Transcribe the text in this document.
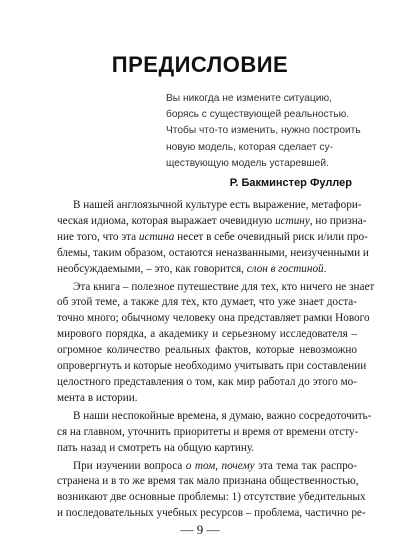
ПРЕДИСЛОВИЕ
Вы никогда не измените ситуацию,
борясь с существующей реальностью.
Чтобы что-то изменить, нужно построить
новую модель, которая сделает су-
ществующую модель устаревшей.
Р. Бакминстер Фуллер

В нашей англоязычной культуре есть выражение, метафори-
ческая идиома, которая выражает очевидную истину, но призна-
ние того, что эта истина несет в себе очевидный риск и/или про-
блемы, таким образом, остаются неназванными, неизученными и
необсуждаемыми, – это, как говорится, слон в гостиной.

Эта книга – полезное путешествие для тех, кто ничего не знает
об этой теме, а также для тех, кто думает, что уже знает доста-
точно много; обычному человеку она представляет рамки Нового
мирового порядка, а академику и серьезному исследователя –
огромное количество реальных фактов, которые невозможно
опровергнуть и которые необходимо учитывать при составлении
целостного представления о том, как мир работал до этого мо-
мента в истории.

В наши неспокойные времена, я думаю, важно сосредоточить-
ся на главном, уточнить приоритеты и время от времени отсту-
пать назад и смотреть на общую картину.

При изучении вопроса о том, почему эта тема так распро-
странена и в то же время так мало признана общественностью,
возникают две основные проблемы: 1) отсутствие убедительных
и последовательных учебных ресурсов – проблема, частично ре-

— 9 —
